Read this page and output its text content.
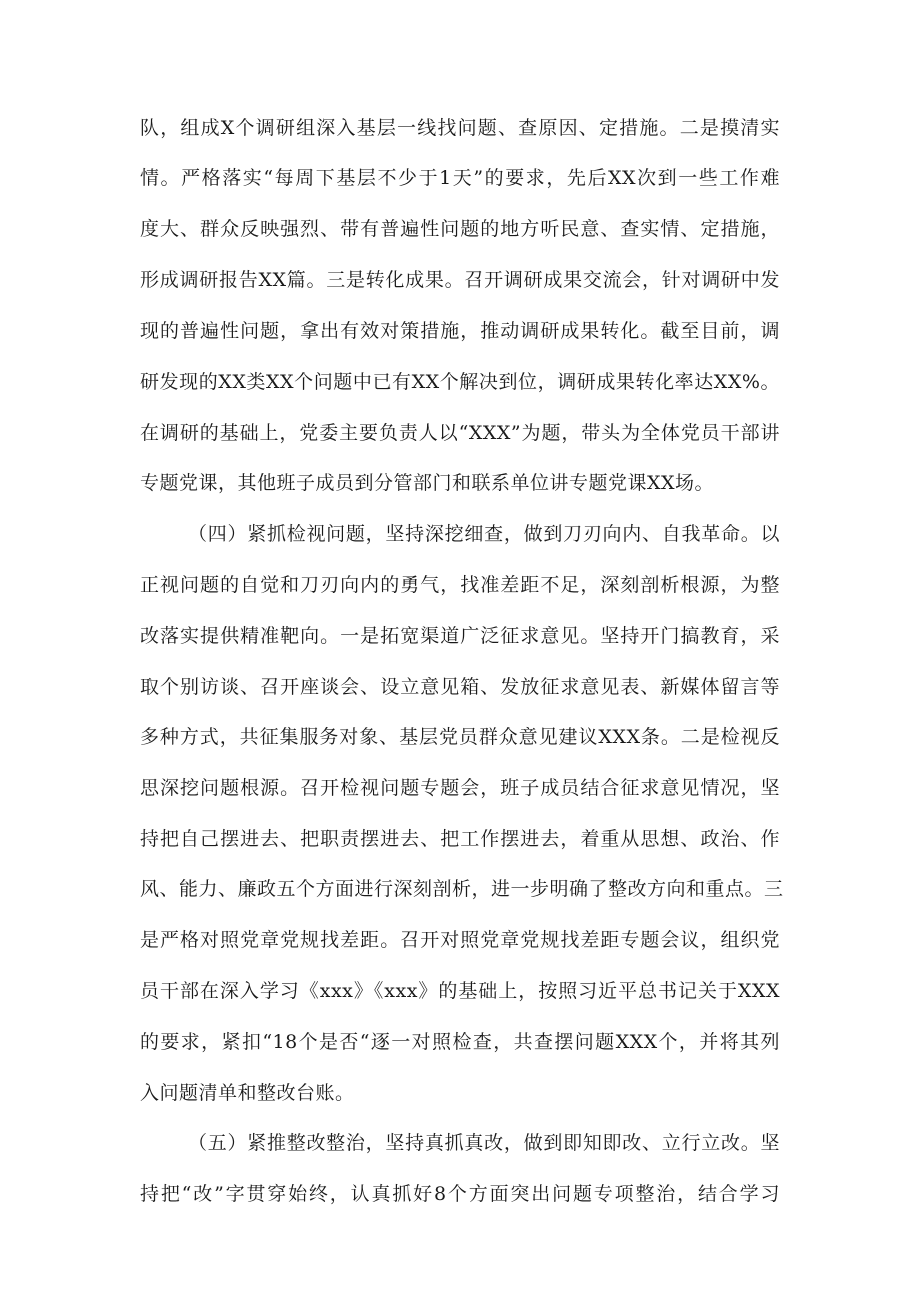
队，组成X个调研组深入基层一线找问题、查原因、定措施。二是摸清实
情。严格落实“每周下基层不少于1天”的要求，先后XX次到一些工作难
度大、群众反映强烈、带有普遍性问题的地方听民意、查实情、定措施，
形成调研报告XX篇。三是转化成果。召开调研成果交流会，针对调研中发
现的普遍性问题，拿出有效对策措施，推动调研成果转化。截至目前，调
研发现的XX类XX个问题中已有XX个解决到位，调研成果转化率达XX%。
在调研的基础上，党委主要负责人以“XXX”为题，带头为全体党员干部讲
专题党课，其他班子成员到分管部门和联系单位讲专题党课XX场。
（四）紧抓检视问题，坚持深挖细查，做到刀刃向内、自我革命。以
正视问题的自觉和刀刃向内的勇气，找准差距不足，深刻剖析根源，为整
改落实提供精准靶向。一是拓宽渠道广泛征求意见。坚持开门搞教育，采
取个别访谈、召开座谈会、设立意见箱、发放征求意见表、新媒体留言等
多种方式，共征集服务对象、基层党员群众意见建议XXX条。二是检视反
思深挖问题根源。召开检视问题专题会，班子成员结合征求意见情况，坚
持把自己摆进去、把职责摆进去、把工作摆进去，着重从思想、政治、作
风、能力、廉政五个方面进行深刻剖析，进一步明确了整改方向和重点。三
是严格对照党章党规找差距。召开对照党章党规找差距专题会议，组织党
员干部在深入学习《xxx》《xxx》的基础上，按照习近平总书记关于XXX
的要求，紧扣“18个是否“逐一对照检查，共查摆问题XXX个，并将其列
入问题清单和整改台账。
（五）紧推整改整治，坚持真抓真改，做到即知即改、立行立改。坚
持把“改”字贯穿始终，认真抓好8个方面突出问题专项整治，结合学习
